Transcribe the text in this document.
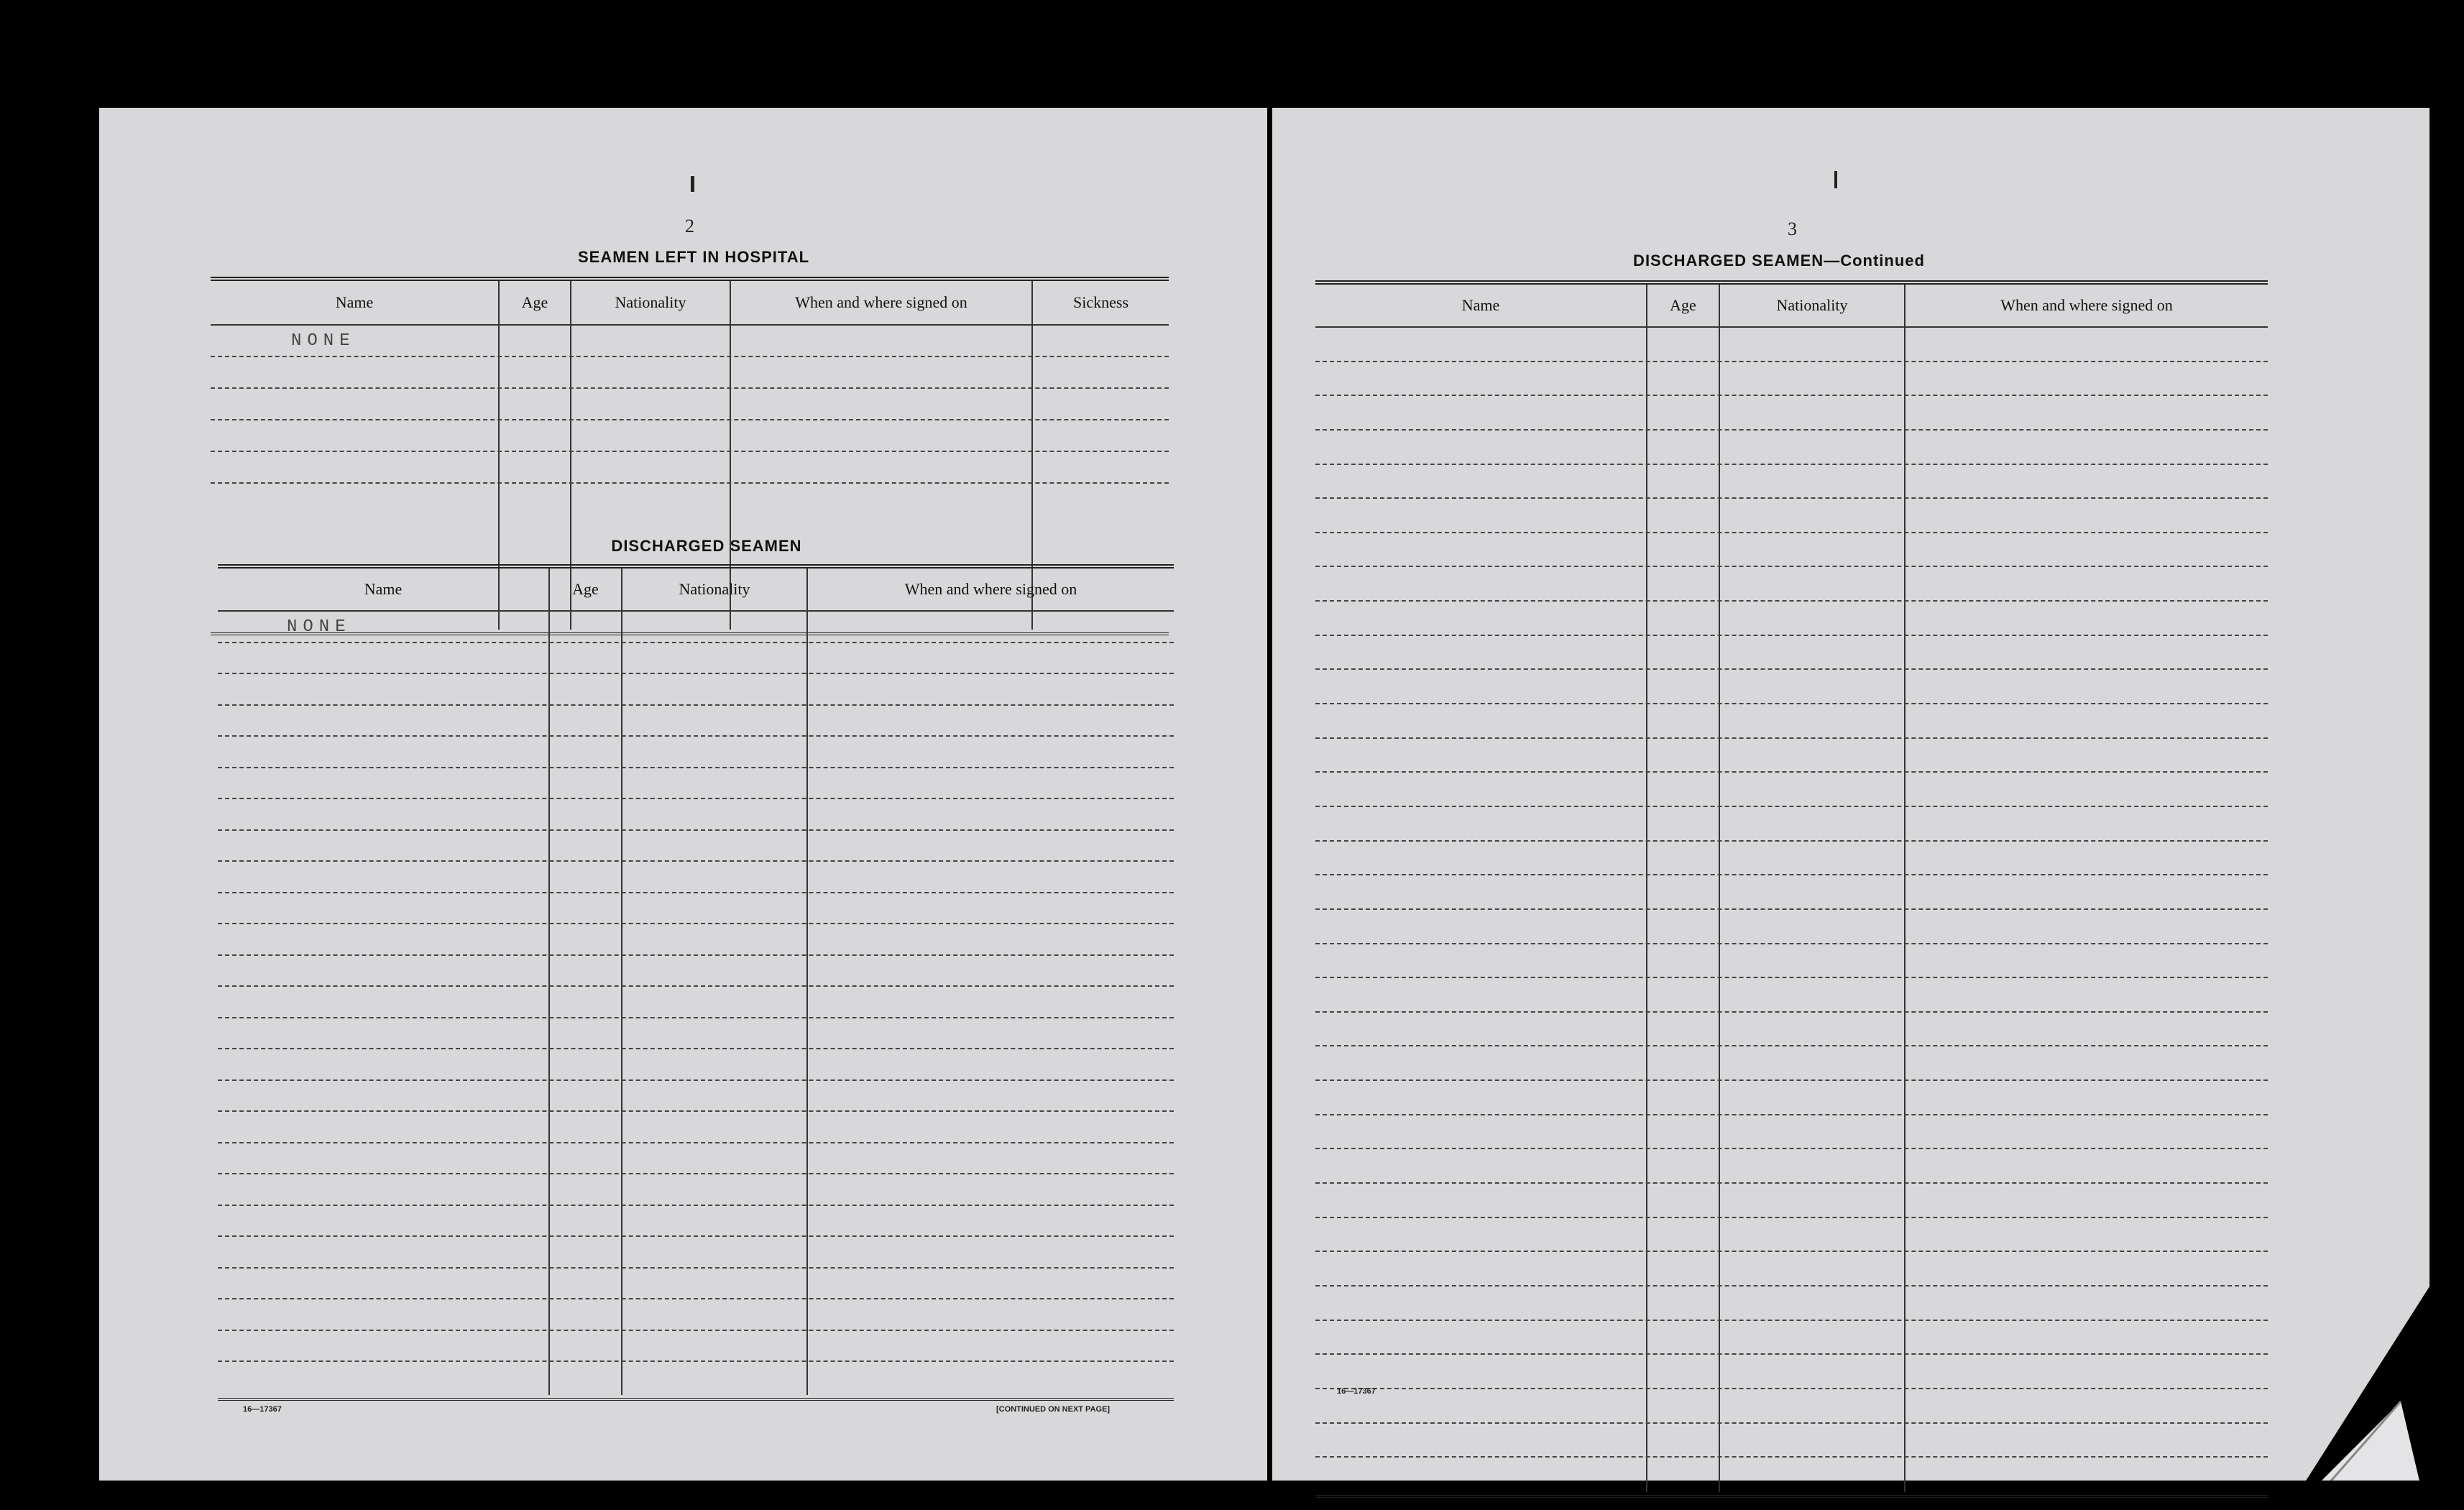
2
SEAMEN LEFT IN HOSPITAL
Name	Age	Nationality	When and where signed on	Sickness
NONE
DISCHARGED SEAMEN
Name	Age	Nationality	When and where signed on
NONE
16—17367	[CONTINUED ON NEXT PAGE]
3
DISCHARGED SEAMEN—Continued
Name	Age	Nationality	When and where signed on
16—17367
